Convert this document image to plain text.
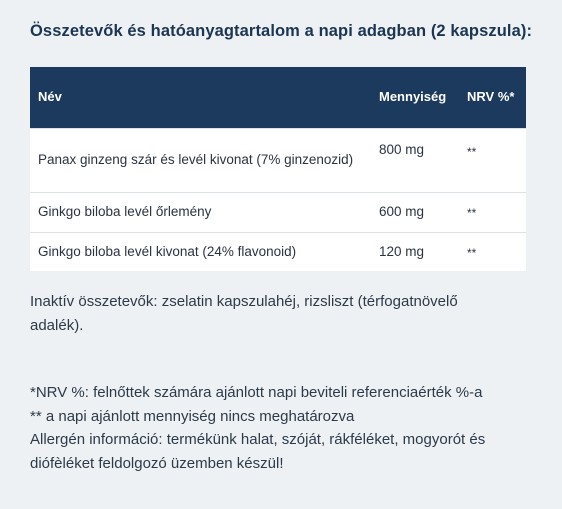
Összetevők és hatóanyagtartalom a napi adagban (2 kapszula):
Név	Mennyiség	NRV %*
Panax ginzeng szár és levél kivonat (7% ginzenozid)	800 mg	**
Ginkgo biloba levél őrlemény	600 mg	**
Ginkgo biloba levél kivonat (24% flavonoid)	120 mg	**

Inaktív összetevők: zselatin kapszulahéj, rizsliszt (térfogatnövelő adalék).

*NRV %: felnőttek számára ajánlott napi beviteli referenciaérték %-a

** a napi ajánlott mennyiség nincs meghatározva

Allergén információ: termékünk halat, szóját, rákféléket, mogyorót és diófèléket feldolgozó üzemben készül!
